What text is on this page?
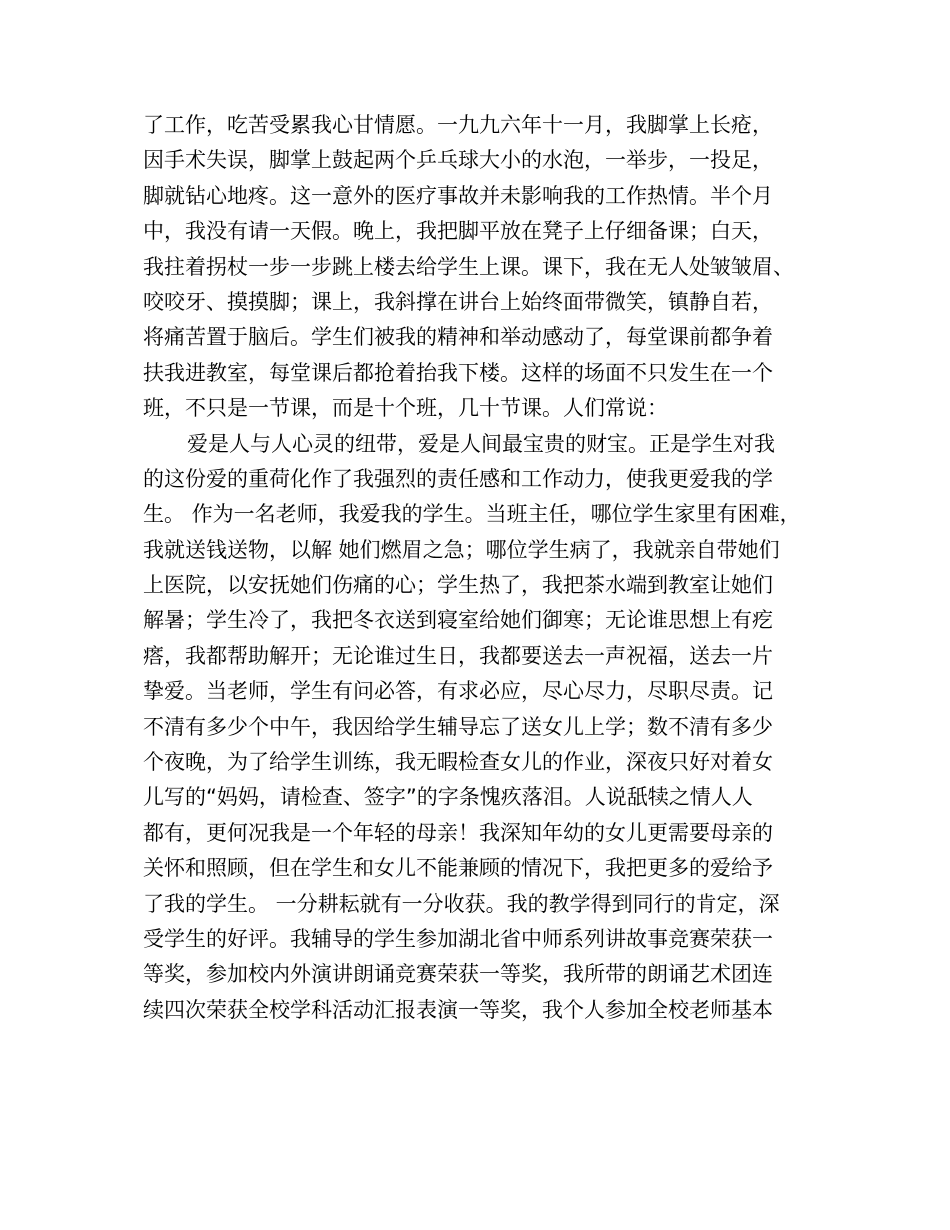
了工作，吃苦受累我心甘情愿。一九九六年十一月，我脚掌上长疮，
因手术失误，脚掌上鼓起两个乒乓球大小的水泡，一举步，一投足，
脚就钻心地疼。这一意外的医疗事故并未影响我的工作热情。半个月
中，我没有请一天假。晚上，我把脚平放在凳子上仔细备课；白天，
我拄着拐杖一步一步跳上楼去给学生上课。课下，我在无人处皱皱眉、
咬咬牙、摸摸脚；课上，我斜撑在讲台上始终面带微笑，镇静自若，
将痛苦置于脑后。学生们被我的精神和举动感动了，每堂课前都争着
扶我进教室，每堂课后都抢着抬我下楼。这样的场面不只发生在一个
班，不只是一节课，而是十个班，几十节课。人们常说：
爱是人与人心灵的纽带，爱是人间最宝贵的财宝。正是学生对我
的这份爱的重荷化作了我强烈的责任感和工作动力，使我更爱我的学
生。 作为一名老师，我爱我的学生。当班主任，哪位学生家里有困难，
我就送钱送物，以解 她们燃眉之急；哪位学生病了，我就亲自带她们
上医院，以安抚她们伤痛的心；学生热了，我把茶水端到教室让她们
解暑；学生冷了，我把冬衣送到寝室给她们御寒；无论谁思想上有疙
瘩，我都帮助解开；无论谁过生日，我都要送去一声祝福，送去一片
挚爱。当老师，学生有问必答，有求必应，尽心尽力，尽职尽责。记
不清有多少个中午，我因给学生辅导忘了送女儿上学；数不清有多少
个夜晚，为了给学生训练，我无暇检查女儿的作业，深夜只好对着女
儿写的“妈妈，请检查、签字”的字条愧疚落泪。人说舐犊之情人人
都有，更何况我是一个年轻的母亲！我深知年幼的女儿更需要母亲的
关怀和照顾，但在学生和女儿不能兼顾的情况下，我把更多的爱给予
了我的学生。 一分耕耘就有一分收获。我的教学得到同行的肯定，深
受学生的好评。我辅导的学生参加湖北省中师系列讲故事竞赛荣获一
等奖，参加校内外演讲朗诵竞赛荣获一等奖，我所带的朗诵艺术团连
续四次荣获全校学科活动汇报表演一等奖，我个人参加全校老师基本
